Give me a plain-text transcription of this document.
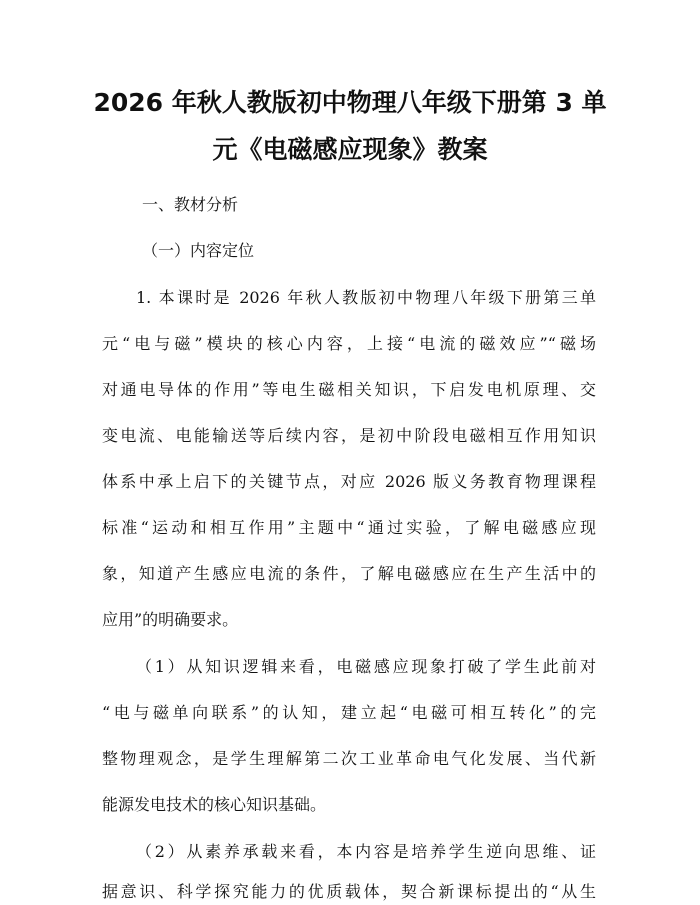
2026 年秋人教版初中物理八年级下册第 3 单
元《电磁感应现象》教案
一、教材分析
（一）内容定位
1. 本课时是 2026 年秋人教版初中物理八年级下册第三单
元“电与磁”模块的核心内容，上接“电流的磁效应”“磁场
对通电导体的作用”等电生磁相关知识，下启发电机原理、交
变电流、电能输送等后续内容，是初中阶段电磁相互作用知识
体系中承上启下的关键节点，对应 2026 版义务教育物理课程
标准“运动和相互作用”主题中“通过实验，了解电磁感应现
象，知道产生感应电流的条件，了解电磁感应在生产生活中的
应用”的明确要求。
（1）从知识逻辑来看，电磁感应现象打破了学生此前对
“电与磁单向联系”的认知，建立起“电磁可相互转化”的完
整物理观念，是学生理解第二次工业革命电气化发展、当代新
能源发电技术的核心知识基础。
（2）从素养承载来看，本内容是培养学生逆向思维、证
据意识、科学探究能力的优质载体，契合新课标提出的“从生
